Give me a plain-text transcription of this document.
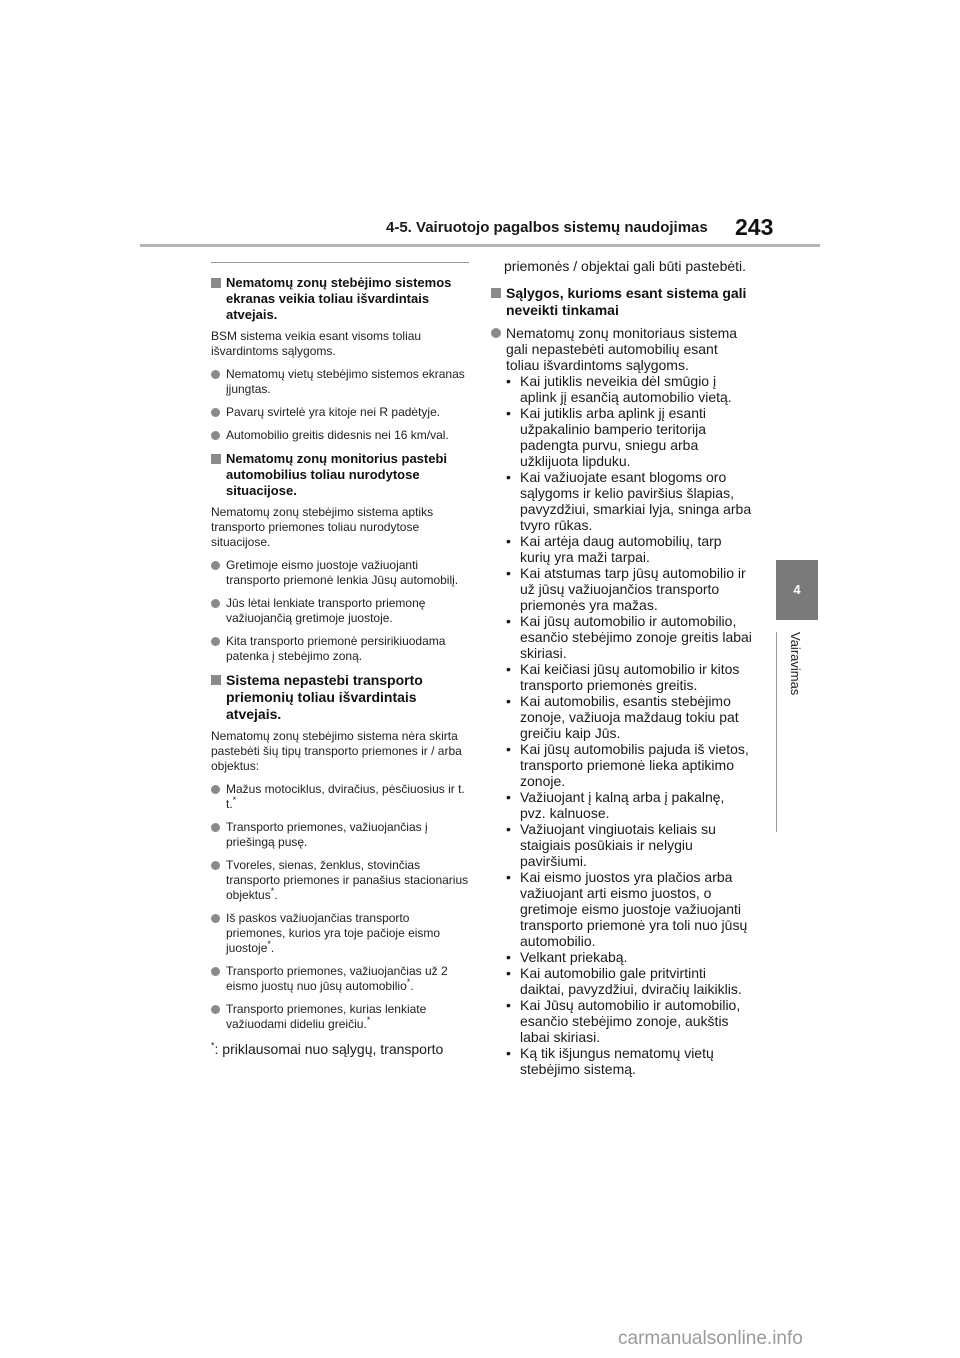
4-5. Vairuotojo pagalbos sistemų naudojimas 243
4
Vairavimas
Nematomų zonų stebėjimo sistemos ekranas veikia toliau išvardintais atvejais.

BSM sistema veikia esant visoms toliau išvardintoms sąlygoms.

Nematomų vietų stebėjimo sistemos ekranas įjungtas.
Pavarų svirtelė yra kitoje nei R padėtyje.
Automobilio greitis didesnis nei 16 km/val.
Nematomų zonų monitorius pastebi automobilius toliau nurodytose situacijose.

Nematomų zonų stebėjimo sistema aptiks transporto priemones toliau nurodytose situacijose.

Gretimoje eismo juostoje važiuojanti transporto priemonė lenkia Jūsų automobilį.
Jūs lėtai lenkiate transporto priemonę važiuojančią gretimoje juostoje.
Kita transporto priemonė persirikiuodama patenka į stebėjimo zoną.
Sistema nepastebi transporto priemonių toliau išvardintais atvejais.

Nematomų zonų stebėjimo sistema nėra skirta pastebėti šių tipų transporto priemones ir / arba objektus:

Mažus motociklus, dviračius, pėsčiuosius ir t. t.*
Transporto priemones, važiuojančias į priešingą pusę.
Tvoreles, sienas, ženklus, stovinčias transporto priemones ir panašius stacionarius objektus*.
Iš paskos važiuojančias transporto priemones, kurios yra toje pačioje eismo juostoje*.
Transporto priemones, važiuojančias už 2 eismo juostų nuo jūsų automobilio*.
Transporto priemones, kurias lenkiate važiuodami dideliu greičiu.*
*: priklausomai nuo sąlygų, transporto

priemonės / objektai gali būti pastebėti.

Sąlygos, kurioms esant sistema gali neveikti tinkamai

Nematomų zonų monitoriaus sistema gali nepastebėti automobilių esant toliau išvardintoms sąlygoms.

• Kai jutiklis neveikia dėl smūgio į aplink jį esančią automobilio vietą.
• Kai jutiklis arba aplink jį esanti užpakalinio bamperio teritorija padengta purvu, sniegu arba užklijuota lipduku.
• Kai važiuojate esant blogoms oro sąlygoms ir kelio paviršius šlapias, pavyzdžiui, smarkiai lyja, sninga arba tvyro rūkas.
• Kai artėja daug automobilių, tarp kurių yra maži tarpai.
• Kai atstumas tarp jūsų automobilio ir už jūsų važiuojančios transporto priemonės yra mažas.
• Kai jūsų automobilio ir automobilio, esančio stebėjimo zonoje greitis labai skiriasi.
• Kai keičiasi jūsų automobilio ir kitos transporto priemonės greitis.
• Kai automobilis, esantis stebėjimo zonoje, važiuoja maždaug tokiu pat greičiu kaip Jūs.
• Kai jūsų automobilis pajuda iš vietos, transporto priemonė lieka aptikimo zonoje.
• Važiuojant į kalną arba į pakalnę, pvz. kalnuose.
• Važiuojant vingiuotais keliais su staigiais posūkiais ir nelygiu paviršiumi.
• Kai eismo juostos yra plačios arba važiuojant arti eismo juostos, o gretimoje eismo juostoje važiuojanti transporto priemonė yra toli nuo jūsų automobilio.
• Velkant priekabą.
• Kai automobilio gale pritvirtinti daiktai, pavyzdžiui, dviračių laikiklis.
• Kai Jūsų automobilio ir automobilio, esančio stebėjimo zonoje, aukštis labai skiriasi.
• Ką tik išjungus nematomų vietų stebėjimo sistemą.
carmanualsonline.info
